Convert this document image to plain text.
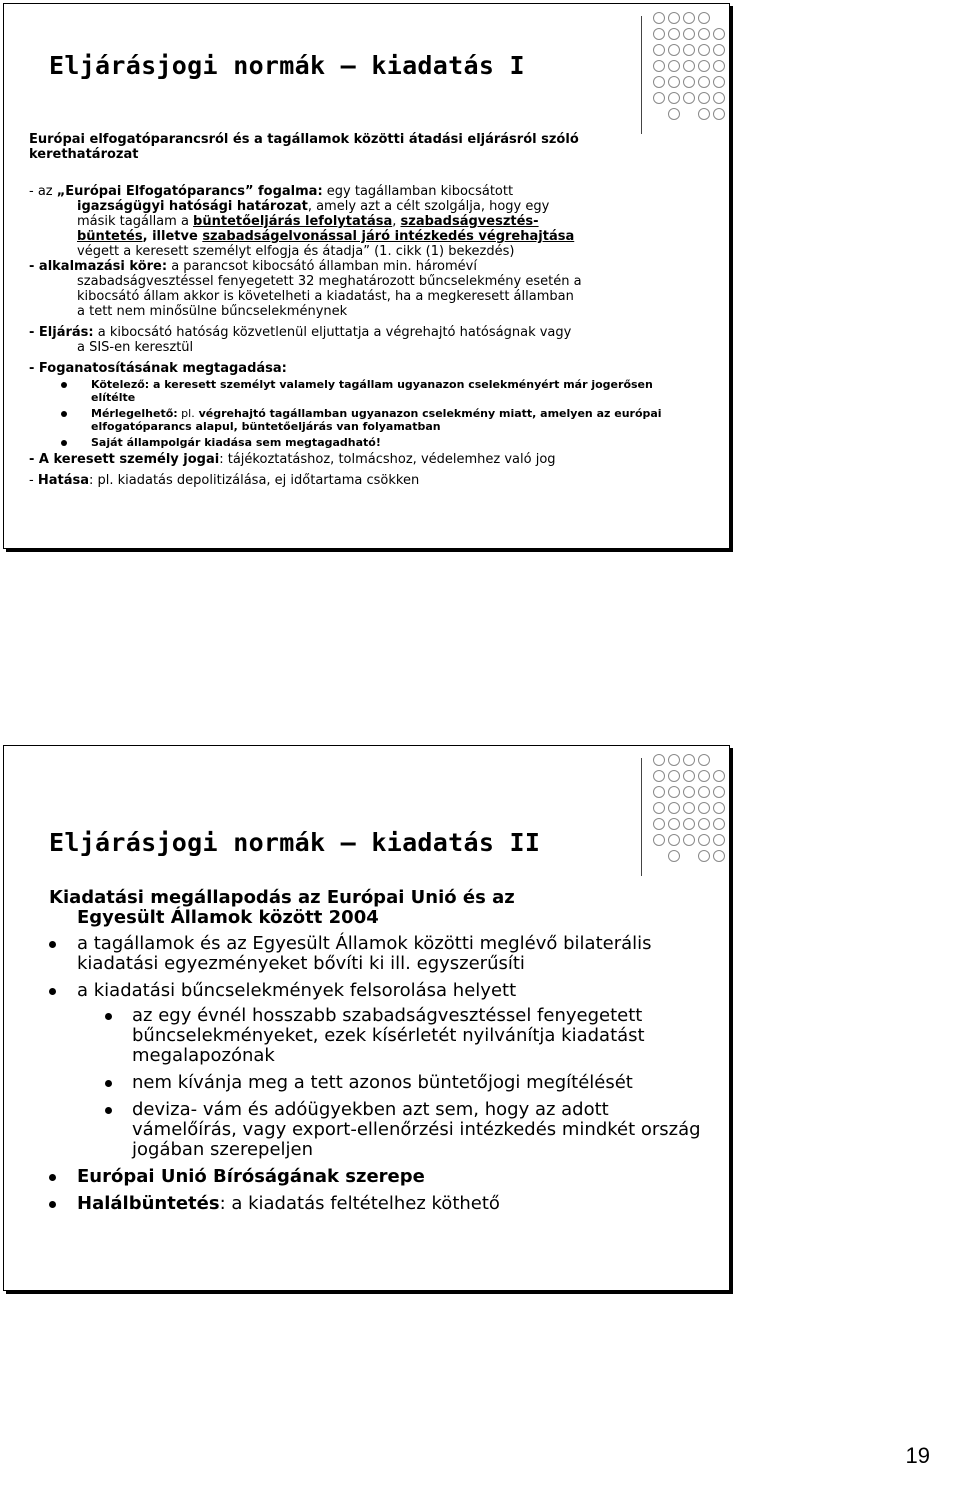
Eljárásjogi normák – kiadatás I

Európai elfogatóparancsról és a tagállamok közötti átadási eljárásról szóló kerethatározat

- az „Európai Elfogatóparancs” fogalma: egy tagállamban kibocsátott

igazságügyi hatósági határozat, amely azt a célt szolgálja, hogy egy

másik tagállam a büntetőeljárás lefolytatása, szabadságvesztés-

büntetés, illetve szabadságelvonással járó intézkedés végrehajtása

végett a keresett személyt elfogja és átadja” (1. cikk (1) bekezdés)

- alkalmazási köre: a parancsot kibocsátó államban min. hároméví

szabadságvesztéssel fenyegetett 32 meghatározott bűncselekmény esetén a

kibocsátó állam akkor is követelheti a kiadatást, ha a megkeresett államban

a tett nem minősülne bűncselekménynek

- Eljárás: a kibocsátó hatóság közvetlenül eljuttatja a végrehajtó hatóságnak vagy

a SIS-en keresztül

- Foganatosításának megtagadása:

Kötelező: a keresett személyt valamely tagállam ugyanazon cselekményért már jogerősen elítélte
Mérlegelhető: pl. végrehajtó tagállamban ugyanazon cselekmény miatt, amelyen az európai elfogatóparancs alapul, büntetőeljárás van folyamatban
Saját állampolgár kiadása sem megtagadható!

- A keresett személy jogai: tájékoztatáshoz, tolmácshoz, védelemhez való jog

- Hatása: pl. kiadatás depolitizálása, ej időtartama csökken

Eljárásjogi normák – kiadatás II

Kiadatási megállapodás az Európai Unió és az
Egyesült Államok között 2004

a tagállamok és az Egyesült Államok közötti meglévő bilaterális kiadatási egyezményeket bővíti ki ill. egyszerűsíti
a kiadatási bűncselekmények felsorolása helyett
az egy évnél hosszabb szabadságvesztéssel fenyegetett bűncselekményeket, ezek kísérletét nyilvánítja kiadatást megalapozónak
nem kívánja meg a tett azonos büntetőjogi megítélését
deviza- vám és adóügyekben azt sem, hogy az adott vámelőírás, vagy export-ellenőrzési intézkedés mindkét ország jogában szerepeljen
Európai Unió Bíróságának szerepe
Halálbüntetés: a kiadatás feltételhez köthető
19
